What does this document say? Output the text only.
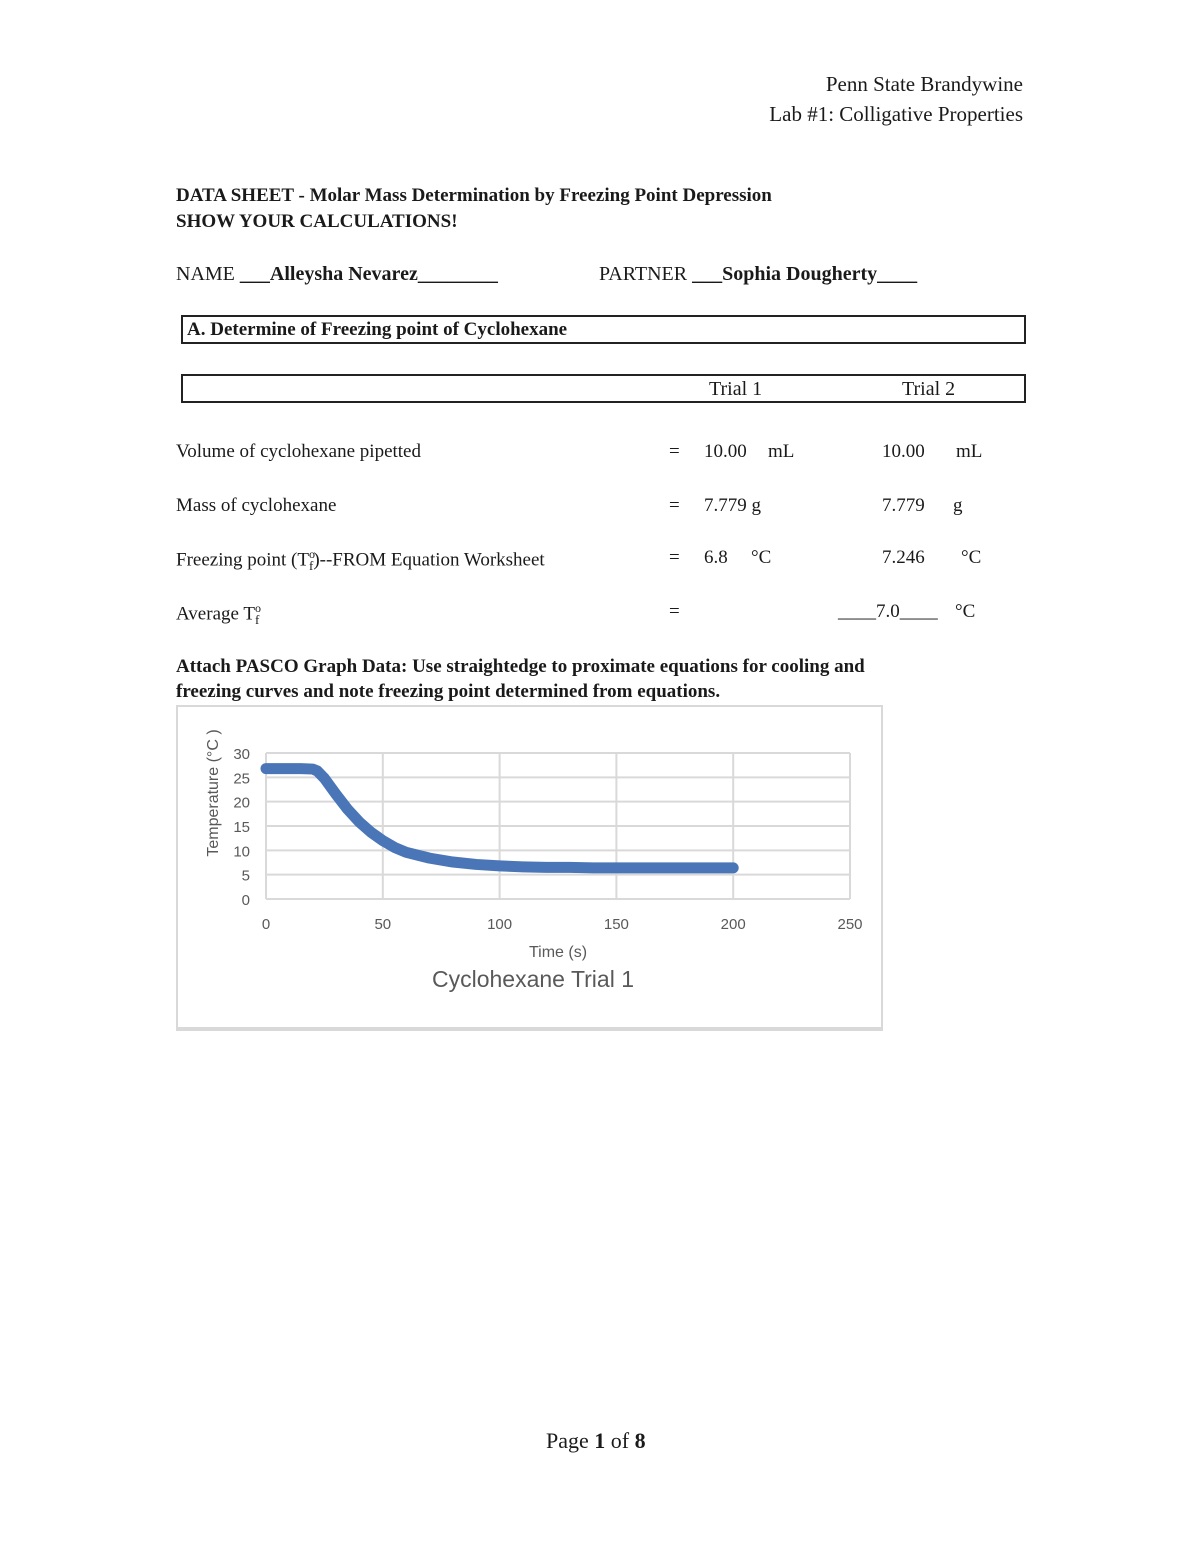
Penn State Brandywine
Lab #1: Colligative Properties
DATA SHEET - Molar Mass Determination by Freezing Point Depression
SHOW YOUR CALCULATIONS!
NAME ___Alleysha Nevarez________	PARTNER ___Sophia Dougherty____
A. Determine of Freezing point of Cyclohexane
Trial 1	Trial 2
Volume of cyclohexane pipetted	= 10.00 mL	10.00 mL
Mass of cyclohexane	= 7.779 g	7.779 g
Freezing point $(T^o_f)-$-FROM Equation Worksheet	= 6.8 °C	7.246 °C
Average $T^o_f$	=	____7.0____ °C
Attach PASCO Graph Data: Use straightedge to proximate equations for cooling and
freezing curves and note freezing point determined from equations.
0
5
10
15
20
25
30
0	50	100	150	200	250
Temperature (°C )
Time (s)
Cyclohexane Trial 1
Page 1 of 8
